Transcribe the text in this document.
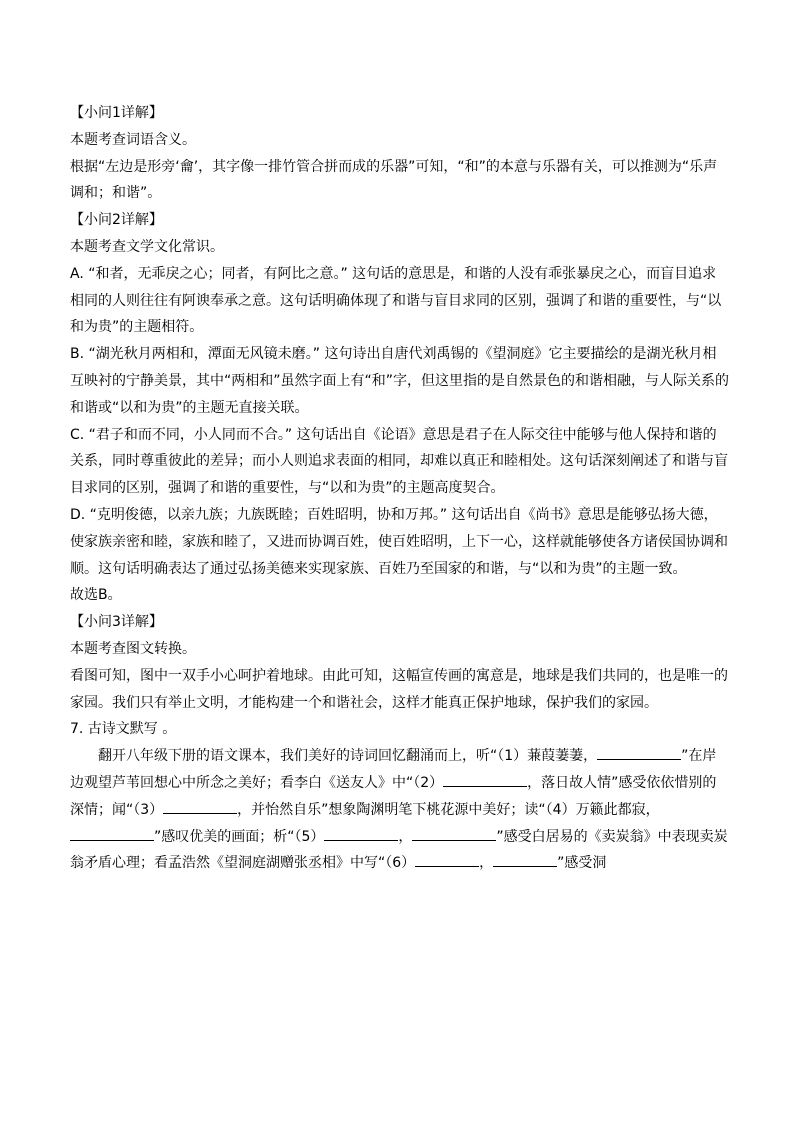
【小问1详解】

本题考查词语含义。

根据“左边是形旁‘龠’，其字像一排竹管合拼而成的乐器”可知，“和”的本意与乐器有关，可以推测为“乐声调和；和谐”。

【小问2详解】

本题考查文学文化常识。

A. “和者，无乖戾之心；同者，有阿比之意。” 这句话的意思是，和谐的人没有乖张暴戾之心，而盲目追求相同的人则往往有阿谀奉承之意。这句话明确体现了和谐与盲目求同的区别，强调了和谐的重要性，与“以和为贵”的主题相符。

B. “湖光秋月两相和，潭面无风镜未磨。” 这句诗出自唐代刘禹锡的《望洞庭》它主要描绘的是湖光秋月相互映衬的宁静美景，其中“两相和”虽然字面上有“和”字，但这里指的是自然景色的和谐相融，与人际关系的和谐或“以和为贵”的主题无直接关联。

C. “君子和而不同，小人同而不合。” 这句话出自《论语》意思是君子在人际交往中能够与他人保持和谐的关系，同时尊重彼此的差异；而小人则追求表面的相同，却难以真正和睦相处。这句话深刻阐述了和谐与盲目求同的区别，强调了和谐的重要性，与“以和为贵”的主题高度契合。

D. “克明俊德，以亲九族；九族既睦；百姓昭明，协和万邦。” 这句话出自《尚书》意思是能够弘扬大德，使家族亲密和睦，家族和睦了，又进而协调百姓，使百姓昭明，上下一心，这样就能够使各方诸侯国协调和顺。这句话明确表达了通过弘扬美德来实现家族、百姓乃至国家的和谐，与“以和为贵”的主题一致。

故选B。

【小问3详解】

本题考查图文转换。

看图可知，图中一双手小心呵护着地球。由此可知，这幅宣传画的寓意是，地球是我们共同的，也是唯一的家园。我们只有举止文明，才能构建一个和谐社会，这样才能真正保护地球，保护我们的家园。

7. 古诗文默写 。

翻开八年级下册的语文课本，我们美好的诗词回忆翻涌而上，听“（1）蒹葭萋萋，	”在岸边观望芦苇回想心中所念之美好；看李白《送友人》中“（2）	，落日故人情”感受依依惜别的深情；闻“（3）	，并怡然自乐”想象陶渊明笔下桃花源中美好；读“（4）万籁此都寂，”感叹优美的画面；析“（5）	，	”感受白居易的《卖炭翁》中表现卖炭翁矛盾心理；看孟浩然《望洞庭湖赠张丞相》中写“（6）	，	”感受洞
